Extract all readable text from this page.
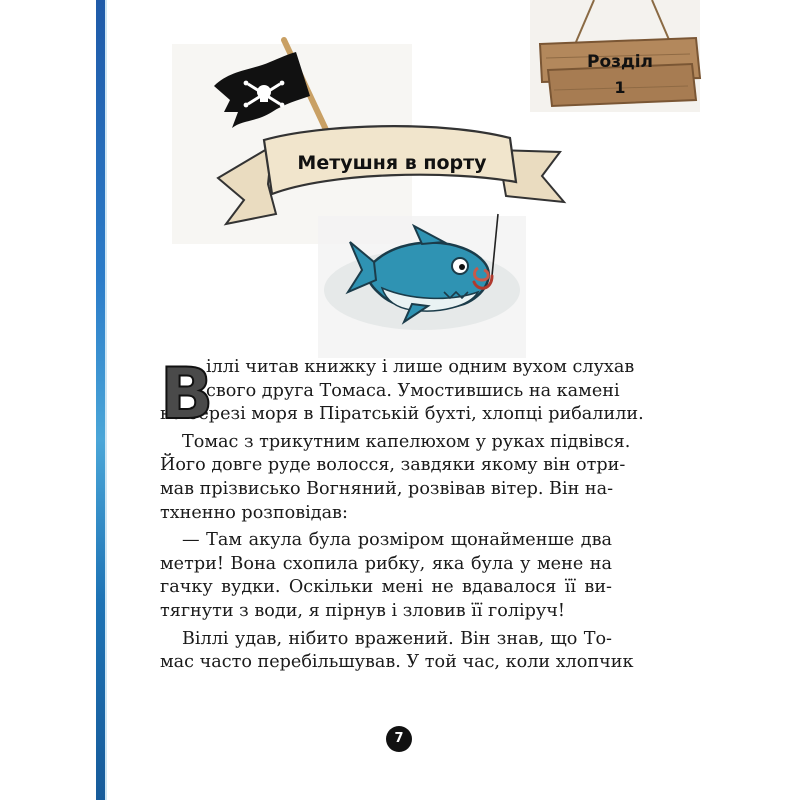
Розділ
1
Метушня в порту
В

іллі читав книжку і лише одним вухом слухав
свого друга Томаса. Умостившись на камені
на березі моря в Піратській бухті, хлопці рибалили.

Томас з трикутним капелюхом у руках підвівся.
Його довге руде волосся, завдяки якому він отри-
мав прізвисько Вогняний, розвівав вітер. Він на-
тхненно розповідав:

— Там акула була розміром щонайменше два
метри! Вона схопила рибку, яка була у мене на
гачку вудки. Оскільки мені не вдавалося її ви-
тягнути з води, я пірнув і зловив її голіруч!

Віллі удав, нібито вражений. Він знав, що То-
мас часто перебільшував. У той час, коли хлопчик

7
